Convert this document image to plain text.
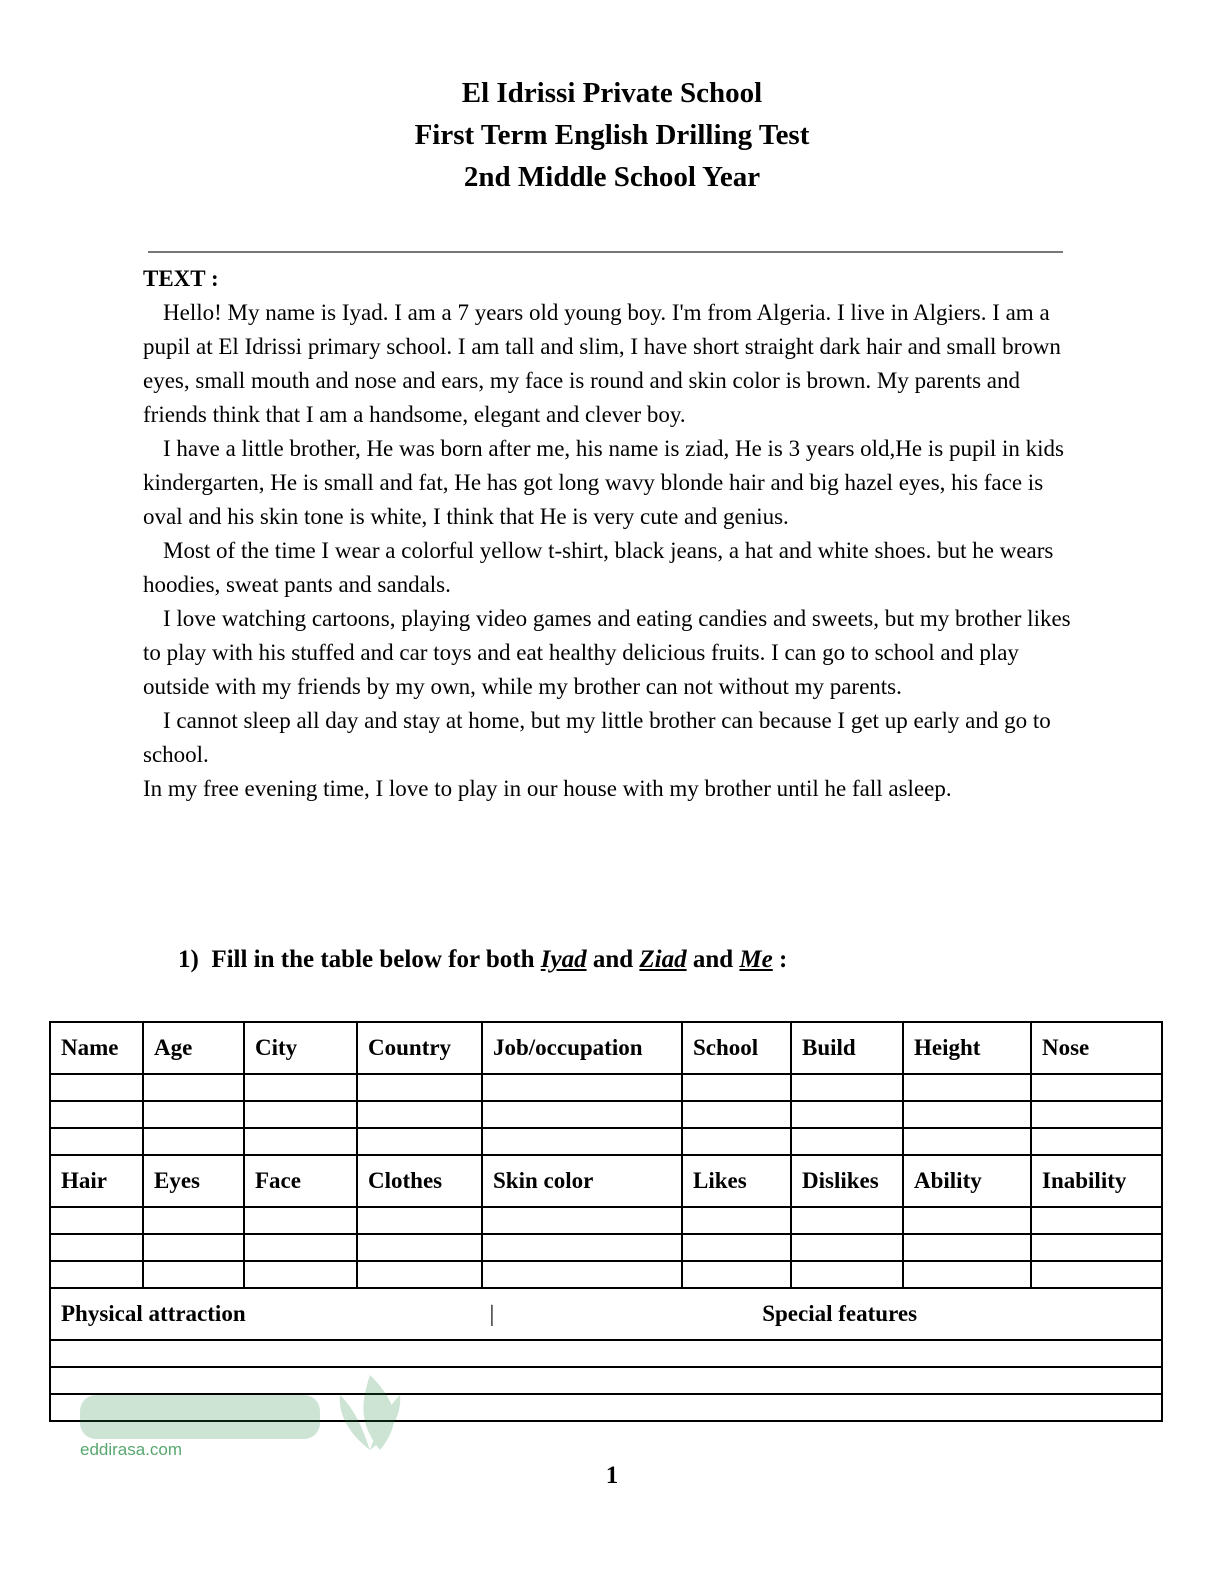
El Idrissi Private School
First Term English Drilling Test
2nd Middle School Year
TEXT :
Hello! My name is Iyad. I am a 7 years old young boy. I'm from Algeria. I live in Algiers. I am a pupil at El Idrissi primary school. I am tall and slim, I have short straight dark hair and small brown eyes, small mouth and nose and ears, my face is round and skin color is brown. My parents and friends think that I am a handsome, elegant and clever boy.
I have a little brother, He was born after me, his name is ziad, He is 3 years old,He is pupil in kids kindergarten, He is small and fat, He has got long wavy blonde hair and big hazel eyes, his face is oval and his skin tone is white, I think that He is very cute and genius.
Most of the time I wear a colorful yellow t-shirt, black jeans, a hat and white shoes. but he wears hoodies, sweat pants and sandals.
I love watching cartoons, playing video games and eating candies and sweets, but my brother likes to play with his stuffed and car toys and eat healthy delicious fruits. I can go to school and play outside with my friends by my own, while my brother can not without my parents.
I cannot sleep all day and stay at home, but my little brother can because I get up early and go to school.
In my free evening time, I love to play in our house with my brother until he fall asleep.
1) Fill in the table below for both Iyad and Ziad and Me :
Name	Age	City	Country	Job/occupation	School	Build	Height	Nose

Hair	Eyes	Face	Clothes	Skin color	Likes	Dislikes	Ability	Inability

Physical attraction | Special features								

eddirasa.com
1
